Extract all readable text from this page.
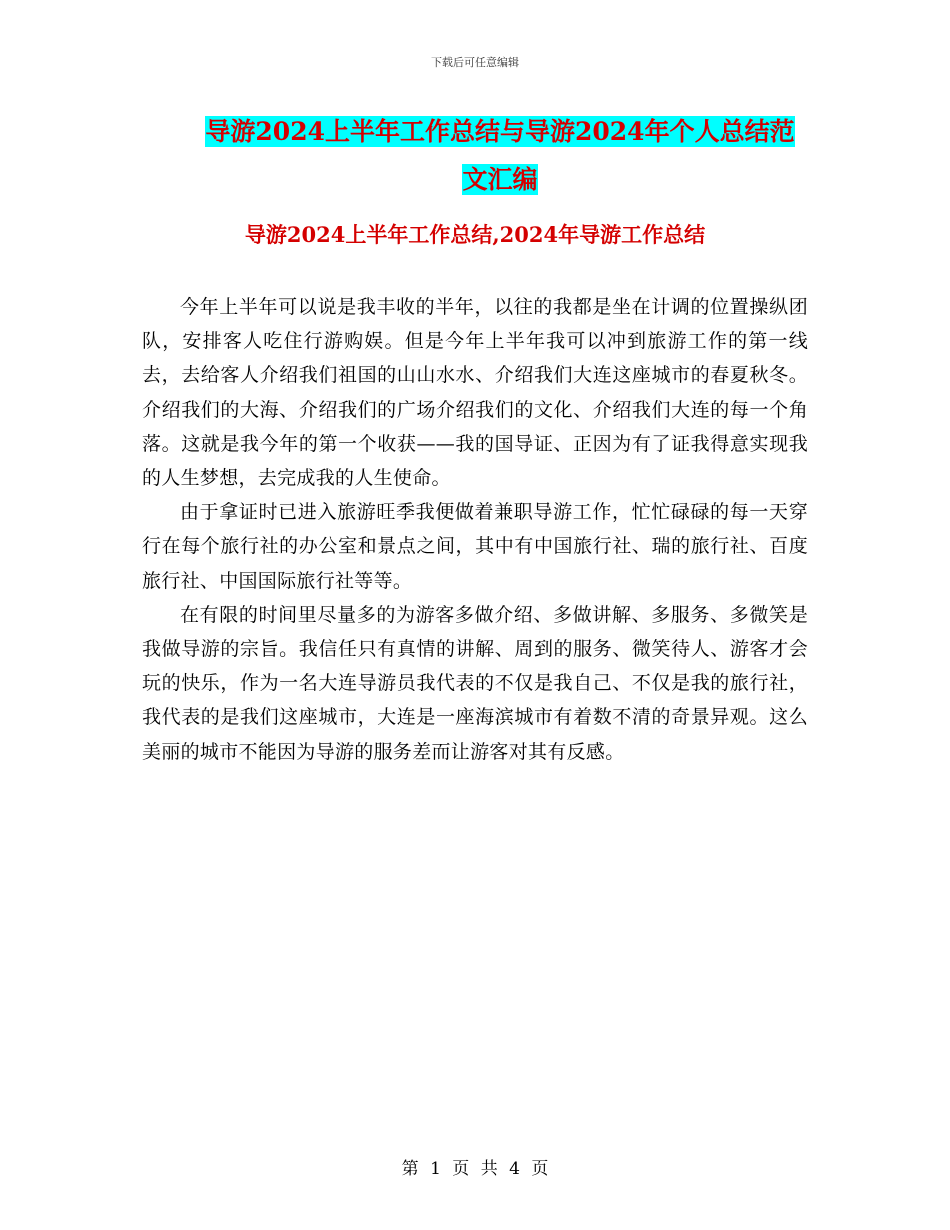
下载后可任意编辑
导游2024上半年工作总结与导游2024年个人总结范
文汇编
导游2024上半年工作总结,2024年导游工作总结

今年上半年可以说是我丰收的半年，以往的我都是坐在计调的位置操纵团队，安排客人吃住行游购娱。但是今年上半年我可以冲到旅游工作的第一线去，去给客人介绍我们祖国的山山水水、介绍我们大连这座城市的春夏秋冬。介绍我们的大海、介绍我们的广场介绍我们的文化、介绍我们大连的每一个角落。这就是我今年的第一个收获——我的国导证、正因为有了证我得意实现我的人生梦想，去完成我的人生使命。

由于拿证时已进入旅游旺季我便做着兼职导游工作，忙忙碌碌的每一天穿行在每个旅行社的办公室和景点之间，其中有中国旅行社、瑞的旅行社、百度旅行社、中国国际旅行社等等。

在有限的时间里尽量多的为游客多做介绍、多做讲解、多服务、多微笑是我做导游的宗旨。我信任只有真情的讲解、周到的服务、微笑待人、游客才会玩的快乐，作为一名大连导游员我代表的不仅是我自己、不仅是我的旅行社，我代表的是我们这座城市，大连是一座海滨城市有着数不清的奇景异观。这么美丽的城市不能因为导游的服务差而让游客对其有反感。

第 1 页 共 4 页
